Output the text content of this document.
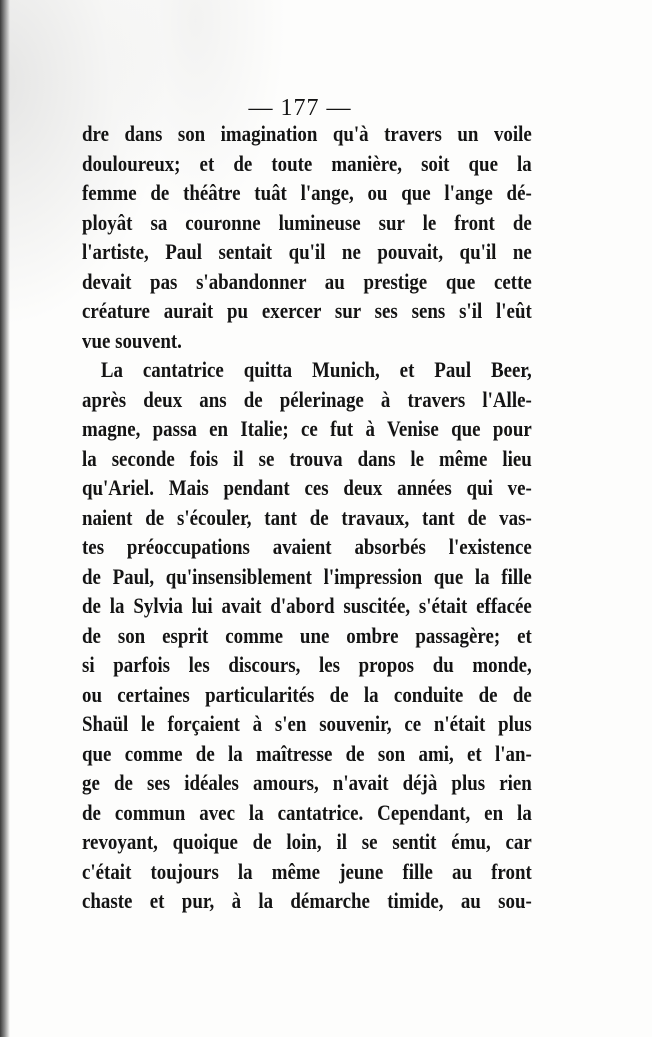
— 177 —
dre dans son imagination qu'à travers un voile
douloureux; et de toute manière, soit que la
femme de théâtre tuât l'ange, ou que l'ange dé-
ployât sa couronne lumineuse sur le front de
l'artiste, Paul sentait qu'il ne pouvait, qu'il ne
devait pas s'abandonner au prestige que cette
créature aurait pu exercer sur ses sens s'il l'eût
vue souvent.
La cantatrice quitta Munich, et Paul Beer,
après deux ans de pélerinage à travers l'Alle-
magne, passa en Italie; ce fut à Venise que pour
la seconde fois il se trouva dans le même lieu
qu'Ariel. Mais pendant ces deux années qui ve-
naient de s'écouler, tant de travaux, tant de vas-
tes préoccupations avaient absorbés l'existence
de Paul, qu'insensiblement l'impression que la fille
de la Sylvia lui avait d'abord suscitée, s'était effacée
de son esprit comme une ombre passagère; et
si parfois les discours, les propos du monde,
ou certaines particularités de la conduite de de
Shaül le forçaient à s'en souvenir, ce n'était plus
que comme de la maîtresse de son ami, et l'an-
ge de ses idéales amours, n'avait déjà plus rien
de commun avec la cantatrice. Cependant, en la
revoyant, quoique de loin, il se sentit ému, car
c'était toujours la même jeune fille au front
chaste et pur, à la démarche timide, au sou-
